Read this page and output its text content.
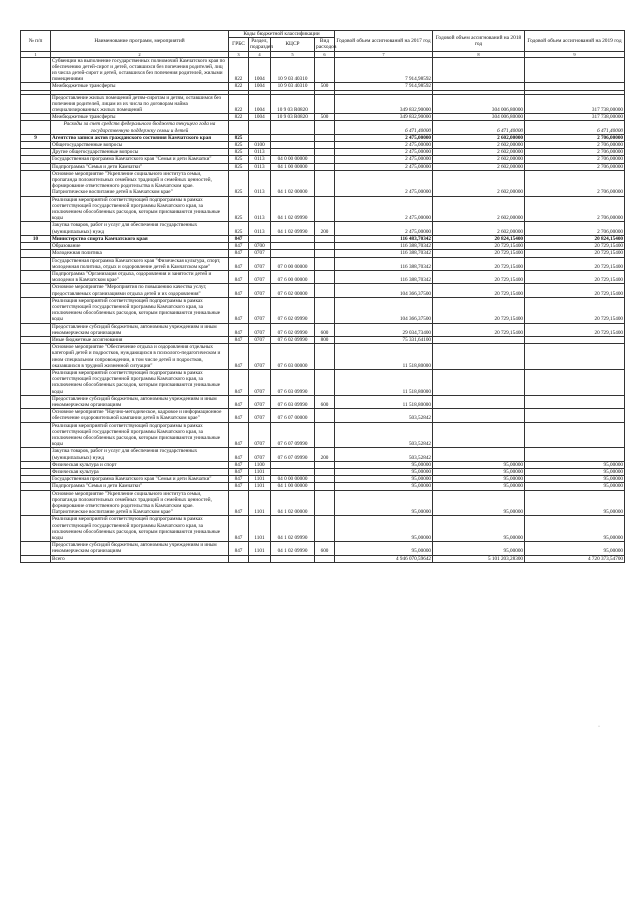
№ п/п	Наименование программ, мероприятий	Коды бюджетной классификации				Годовой объем ассигнований на 2017 год	Годовой объем ассигнований на 2018 год	Годовой объем ассигнований на 2019 год
		ГРБС	Раздел, подраздел	КЦСР	Вид расходов			
1	2	3	4	5	6	7	8	9
	Субвенции на выполнение государственных полномочий Камчатского края по обеспечению детей-сирот и детей, оставшихся без попечения родителей, лиц из числа детей-сирот и детей, оставшихся без попечения родителей, жилыми помещениями	822	1004	10 9 03 40310		7 914,98592		
	Межбюджетные трансферты	822	1004	10 9 03 40310	500	7 914,98592		

	Предоставление жилых помещений детям-сиротам и детям, оставшимся без попечения родителей, лицам из их числа по договорам найма специализированных жилых помещений	822	1004	10 9 03 R0820		349 832,90000	304 006,80000	317 738,00000
	Межбюджетные трансферты	822	1004	10 9 03 R0820	500	349 832,90000	304 006,80000	317 738,00000
	Расходы за счет средств федерального бюджета текущего года на государственную поддержку семьи и детей					6 471,40000	6 471,40000	6 471,40000
9	Агентство записи актов гражданского состояния Камчатского края	825				2 475,00000	2 602,00000	2 706,00000
	Общегосударственные вопросы	825	0100			2 475,00000	2 602,00000	2 706,00000
	Другие общегосударственные вопросы	825	0113			2 475,00000	2 602,00000	2 706,00000
	Государственная программа Камчатского края "Семья и дети Камчатки"	825	0113	04 0 00 00000		2 475,00000	2 602,00000	2 706,00000
	Подпрограмма "Семья и дети Камчатки"	825	0113	04 1 00 00000		2 475,00000	2 602,00000	2 706,00000
	Основное мероприятие "Укрепление социального института семьи, пропаганда положительных семейных традиций и семейных ценностей, формирование ответственного родительства в Камчатском крае. Патриотическое воспитание детей в Камчатском крае"	825	0113	04 1 02 00000		2 475,00000	2 602,00000	2 706,00000
	Реализация мероприятий соответствующей подпрограммы в рамках соответствующей государственной программы Камчатского края, за исключением обособленных расходов, которым присваиваются уникальные коды	825	0113	04 1 02 09990		2 475,00000	2 602,00000	2 706,00000
	Закупка товаров, работ и услуг для обеспечения государственных (муниципальных) нужд	825	0113	04 1 02 09990	200	2 475,00000	2 602,00000	2 706,00000
10	Министерство спорта Камчатского края	847				116 483,70342	20 824,15400	20 824,15400
	Образование	847	0700			116 388,70342	20 729,15400	20 729,15400
	Молодежная политика	847	0707			116 388,70342	20 729,15400	20 729,15400
	Государственная программа Камчатского края "Физическая культура, спорт, молодежная политика, отдых и оздоровление детей в Камчатском крае"	847	0707	07 0 00 00000		116 388,70342	20 729,15400	20 729,15400
	Подпрограмма "Организация отдыха, оздоровления и занятости детей и молодежи в Камчатском крае"	847	0707	07 6 00 00000		116 388,70342	20 729,15400	20 729,15400
	Основное мероприятие "Мероприятия по повышению качества услуг, предоставляемых организациями отдыха детей и их оздоровления"	847	0707	07 6 02 00000		104 366,37500	20 729,15400	20 729,15400
	Реализация мероприятий соответствующей подпрограммы в рамках соответствующей государственной программы Камчатского края, за исключением обособленных расходов, которым присваиваются уникальные коды	847	0707	07 6 02 09990		104 366,37500	20 729,15400	20 729,15400
	Предоставление субсидий бюджетным, автономным учреждениям и иным некоммерческим организациям	847	0707	07 6 02 09990	600	29 034,73400	20 729,15400	20 729,15400
	Иные бюджетные ассигнования	847	0707	07 6 02 09990	800	75 331,64100		
	Основное мероприятие "Обеспечение отдыха и оздоровления отдельных категорий детей и подростков, нуждающихся в психолого-педагогическом и ином специальном сопровождении, в том числе детей и подростков, оказавшихся в трудной жизненной ситуации"	847	0707	07 6 03 00000		11 518,80000		
	Реализация мероприятий соответствующей подпрограммы в рамках соответствующей государственной программы Камчатского края, за исключением обособленных расходов, которым присваиваются уникальные коды	847	0707	07 6 03 09990		11 518,80000		
	Предоставление субсидий бюджетным, автономным учреждениям и иным некоммерческим организациям	847	0707	07 6 03 09990	600	11 518,80000		
	Основное мероприятие "Научно-методическое, кадровое и информационное обеспечение оздоровительной кампании детей в Камчатском крае"	847	0707	07 6 07 00000		503,52842		
	Реализация мероприятий соответствующей подпрограммы в рамках соответствующей государственной программы Камчатского края, за исключением обособленных расходов, которым присваиваются уникальные коды	847	0707	07 6 07 09990		503,52842		
	Закупка товаров, работ и услуг для обеспечения государственных (муниципальных) нужд	847	0707	07 6 07 09990	200	503,52842		
	Физическая культура и спорт	847	1100			95,00000	95,00000	95,00000
	Физическая культура	847	1101			95,00000	95,00000	95,00000
	Государственная программа Камчатского края "Семья и дети Камчатки"	847	1101	04 0 00 00000		95,00000	95,00000	95,00000
	Подпрограмма "Семья и дети Камчатки"	847	1101	04 1 00 00000		95,00000	95,00000	95,00000
	Основное мероприятие "Укрепление социального института семьи, пропаганда положительных семейных традиций и семейных ценностей, формирование ответственного родительства в Камчатском крае. Патриотическое воспитание детей в Камчатском крае"	847	1101	04 1 02 00000		95,00000	95,00000	95,00000
	Реализация мероприятий соответствующей подпрограммы в рамках соответствующей государственной программы Камчатского края, за исключением обособленных расходов, которым присваиваются уникальные коды	847	1101	04 1 02 09990		95,00000	95,00000	95,00000
	Предоставление субсидий бюджетным, автономным учреждениям и иным некоммерческим организациям	847	1101	04 1 02 09990	600	95,00000	95,00000	95,00000
	Всего					4 946 070,59642	5 101 203,28300	4 720 373,54700
·
